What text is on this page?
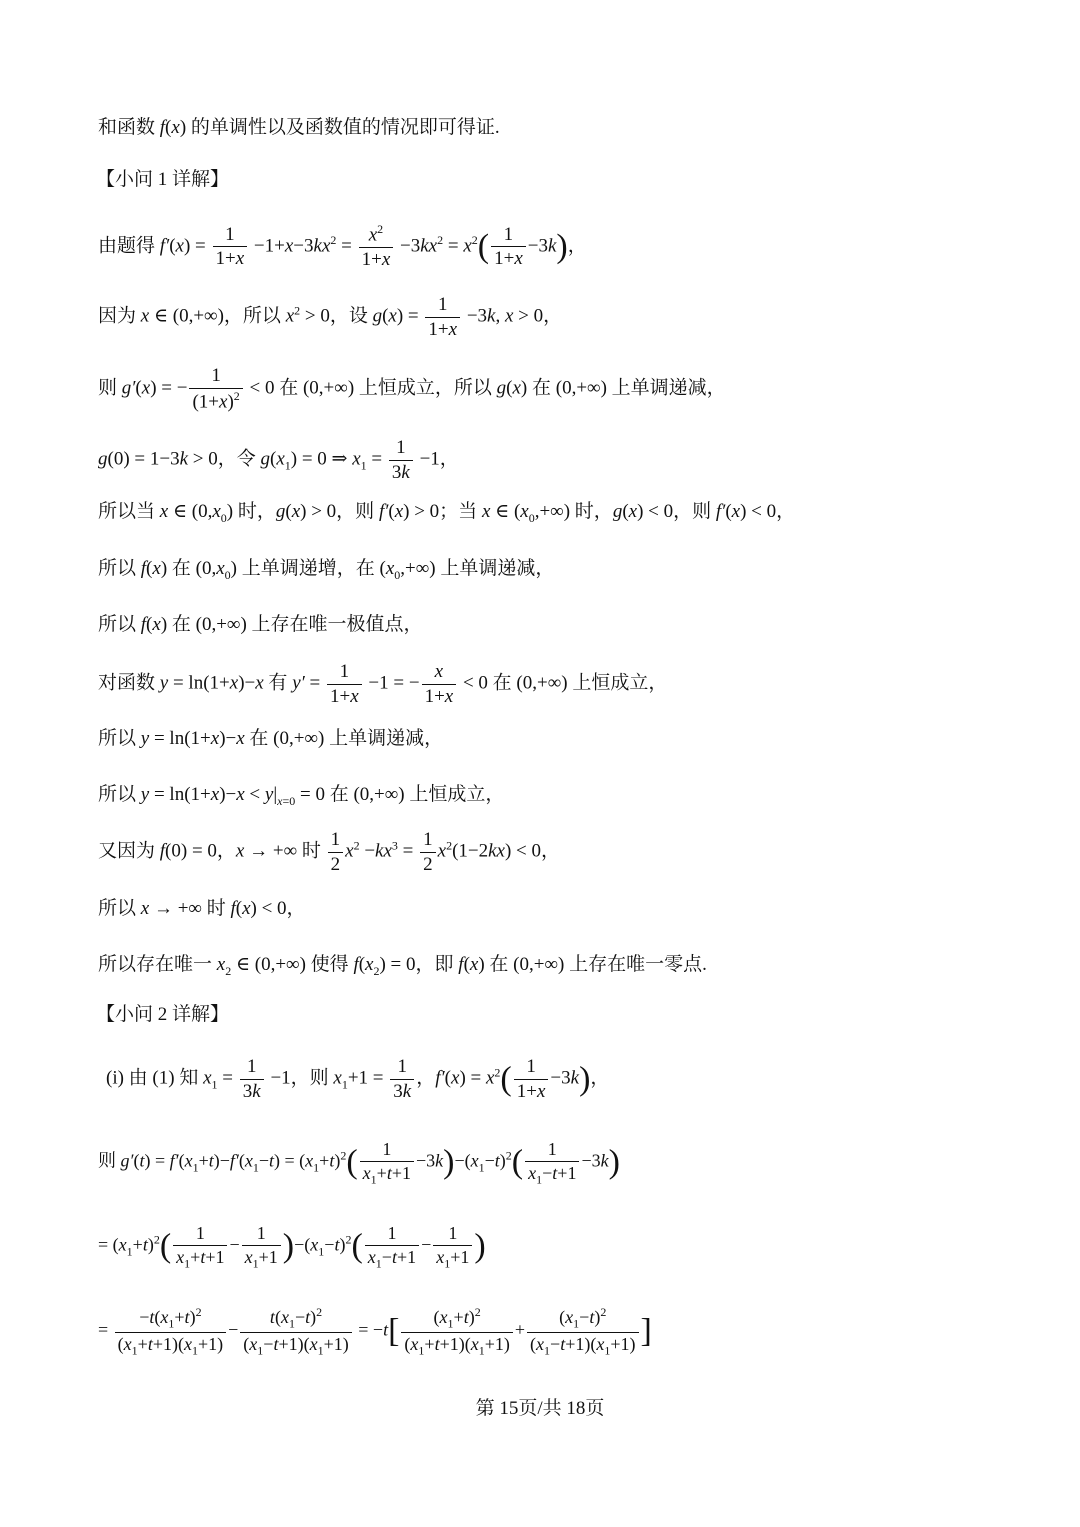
和函数 f(x) 的单调性以及函数值的情况即可得证.
【小问 1 详解】
由题得 $f'(x) = \frac{1}{1+x} -1+x-3kx^2 = \frac{x^2}{1+x} -3kx^2 = x^2( \frac{1}{1+x} -3k)$，
因为 x ∈ (0,+∞)，所以 $x^2 > 0$，设 $g(x) = \frac{1}{1+x} -3k$, x > 0，
则 g′(x) = − $\frac{1}{(1+x)^2} < 0$ 在 (0,+∞) 上恒成立，所以 g(x) 在 (0,+∞) 上单调递减，
g(0) = 1−3k > 0，令 $g(x_1) = 0$ ⇒ $x_1 = \frac{1}{3k} -1$，
所以当 x ∈ $(0,x_0)$ 时，g(x) > 0，则 f′(x) > 0；当 x ∈ $(x_0,+\infty)$ 时，g(x) < 0，则 f′(x) < 0，
所以 f(x) 在 $(0,x_0)$ 上单调递增，在 $(x_0,+\infty)$ 上单调递减，
所以 f(x) 在 (0,+∞) 上存在唯一极值点，
对函数 y = ln(1+x)−x 有 $y' = \frac{1}{1+x} -1$ = − $\frac{x}{1+x} < 0$ 在 (0,+∞) 上恒成立，
所以 y = ln(1+x)−x 在 (0,+∞) 上单调递减，
所以 $y = \ln(1+x)-x < y|_{x=0} = 0$ 在 (0,+∞) 上恒成立，
又因为 f(0) = 0，x → +∞ 时 $\frac{1}{2} x^2 -kx^3 = \frac{1}{2} x^2(1-2kx) < 0$，
所以 x → +∞ 时 f(x) < 0，
所以存在唯一 $x_2$ ∈ (0,+∞) 使得 $f(x_2) = 0$，即 f(x) 在 (0,+∞) 上存在唯一零点.
【小问 2 详解】
(i) 由 (1) 知 $x_1 = \frac{1}{3k} -1$，则 $x_1+1 = \frac{1}{3k}$ ，$f'(x) = x^2( \frac{1}{1+x} -3k)$，
则 $g'(t) = f'(x_1+t)-f'(x_1-t) = (x_1+t)^2( \frac{1}{x_1+t+1} -3k)-(x_1-t)^2( \frac{1}{x_1-t+1} -3k)$
= $(x_1+t)^2( \frac{1}{x_1+t+1} - \frac{1}{x_1+1} )-(x_1-t)^2( \frac{1}{x_1-t+1} - \frac{1}{x_1+1}$ )
= $\frac{-t(x_1+t)^2}{(x_1+t+1)(x_1+1)} - \frac{t(x_1-t)^2}{(x_1-t+1)(x_1+1)} = -t[ \frac{(x_1+t)^2}{(x_1+t+1)(x_1+1)} + \frac{(x_1-t)^2}{(x_1-t+1)(x_1+1)}$ ]
第 15页/共 18页
